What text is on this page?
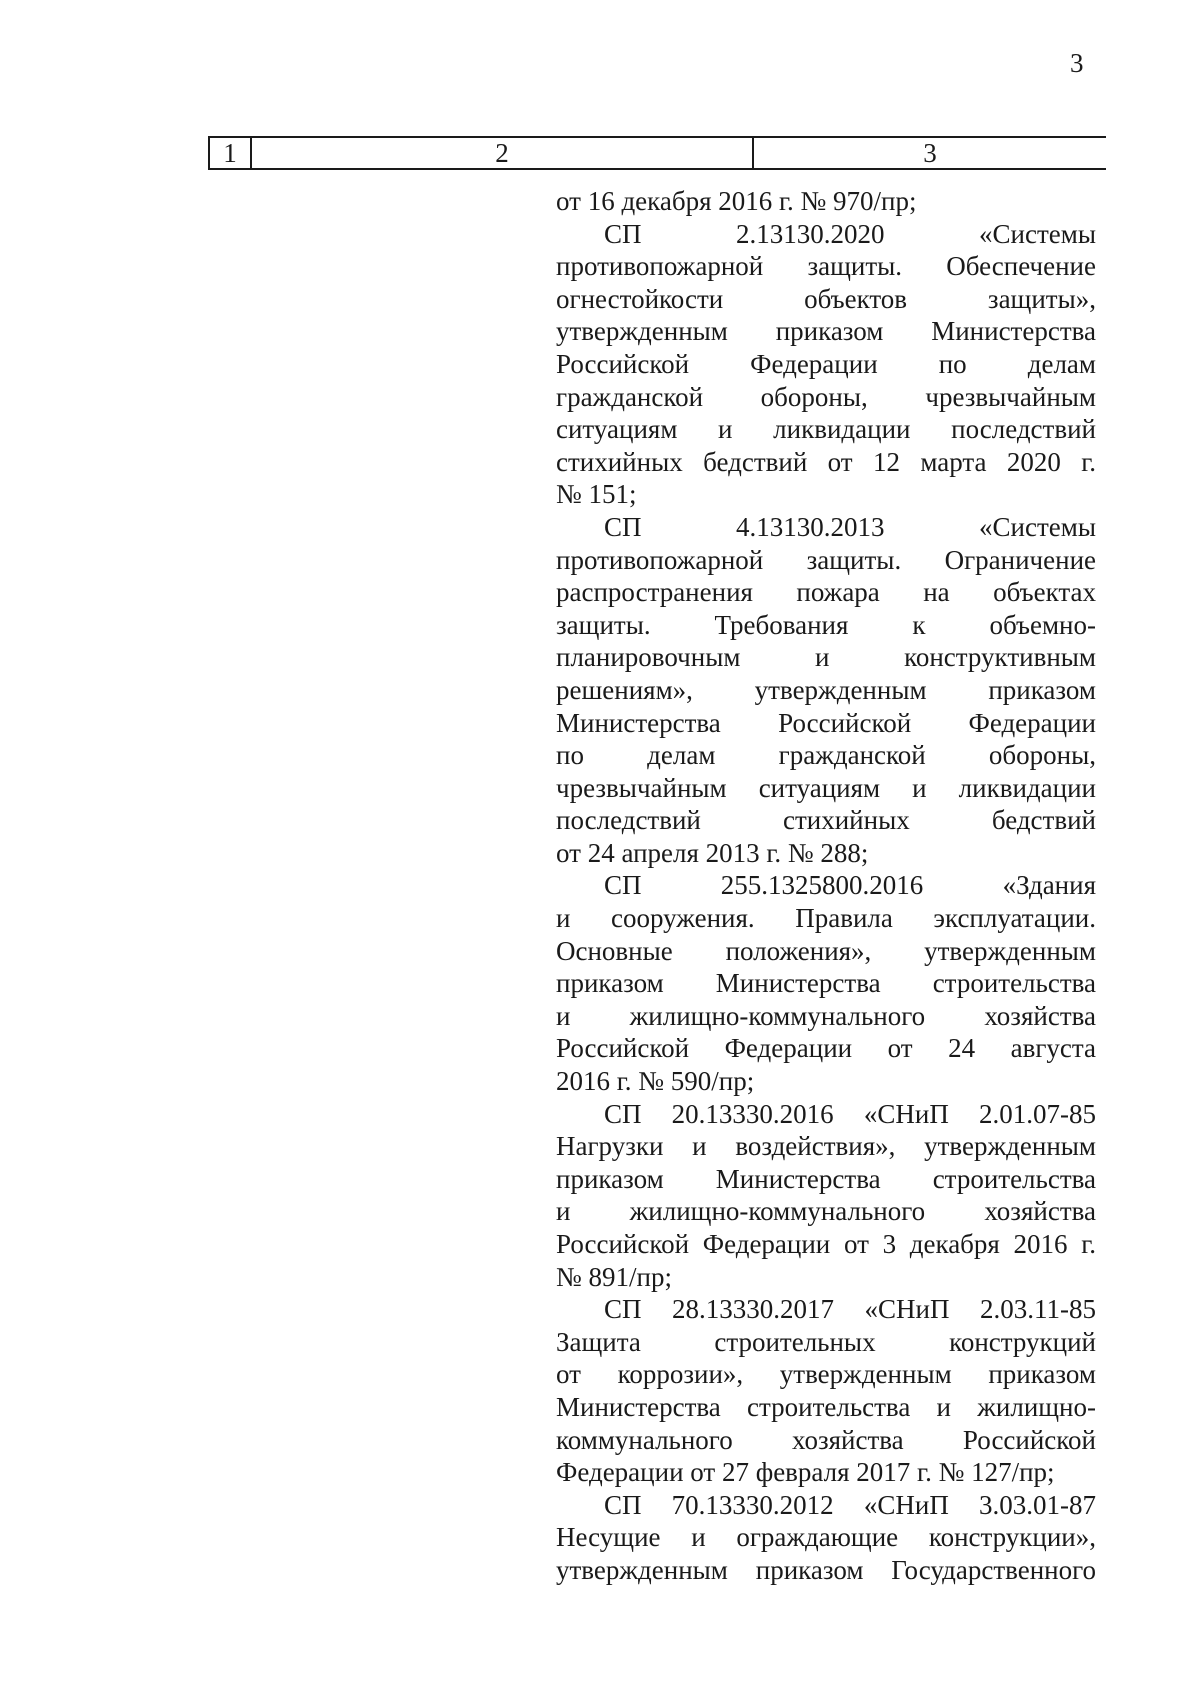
3
1	2	3

от 16 декабря 2016 г. № 970/пр;

СП 2.13130.2020 «Системы
противопожарной защиты. Обеспечение
огнестойкости объектов защиты»,
утвержденным приказом Министерства
Российской Федерации по делам
гражданской обороны, чрезвычайным
ситуациям и ликвидации последствий
стихийных бедствий от 12 марта 2020 г.
№ 151;

СП 4.13130.2013 «Системы
противопожарной защиты. Ограничение
распространения пожара на объектах
защиты. Требования к объемно-
планировочным и конструктивным
решениям», утвержденным приказом
Министерства Российской Федерации
по делам гражданской обороны,
чрезвычайным ситуациям и ликвидации
последствий стихийных бедствий
от 24 апреля 2013 г. № 288;

СП 255.1325800.2016 «Здания
и сооружения. Правила эксплуатации.
Основные положения», утвержденным
приказом Министерства строительства
и жилищно-коммунального хозяйства
Российской Федерации от 24 августа
2016 г. № 590/пр;

СП 20.13330.2016 «СНиП 2.01.07-85
Нагрузки и воздействия», утвержденным
приказом Министерства строительства
и жилищно-коммунального хозяйства
Российской Федерации от 3 декабря 2016 г.
№ 891/пр;

СП 28.13330.2017 «СНиП 2.03.11-85
Защита строительных конструкций
от коррозии», утвержденным приказом
Министерства строительства и жилищно-
коммунального хозяйства Российской
Федерации от 27 февраля 2017 г. № 127/пр;

СП 70.13330.2012 «СНиП 3.03.01-87
Несущие и ограждающие конструкции»,
утвержденным приказом Государственного
